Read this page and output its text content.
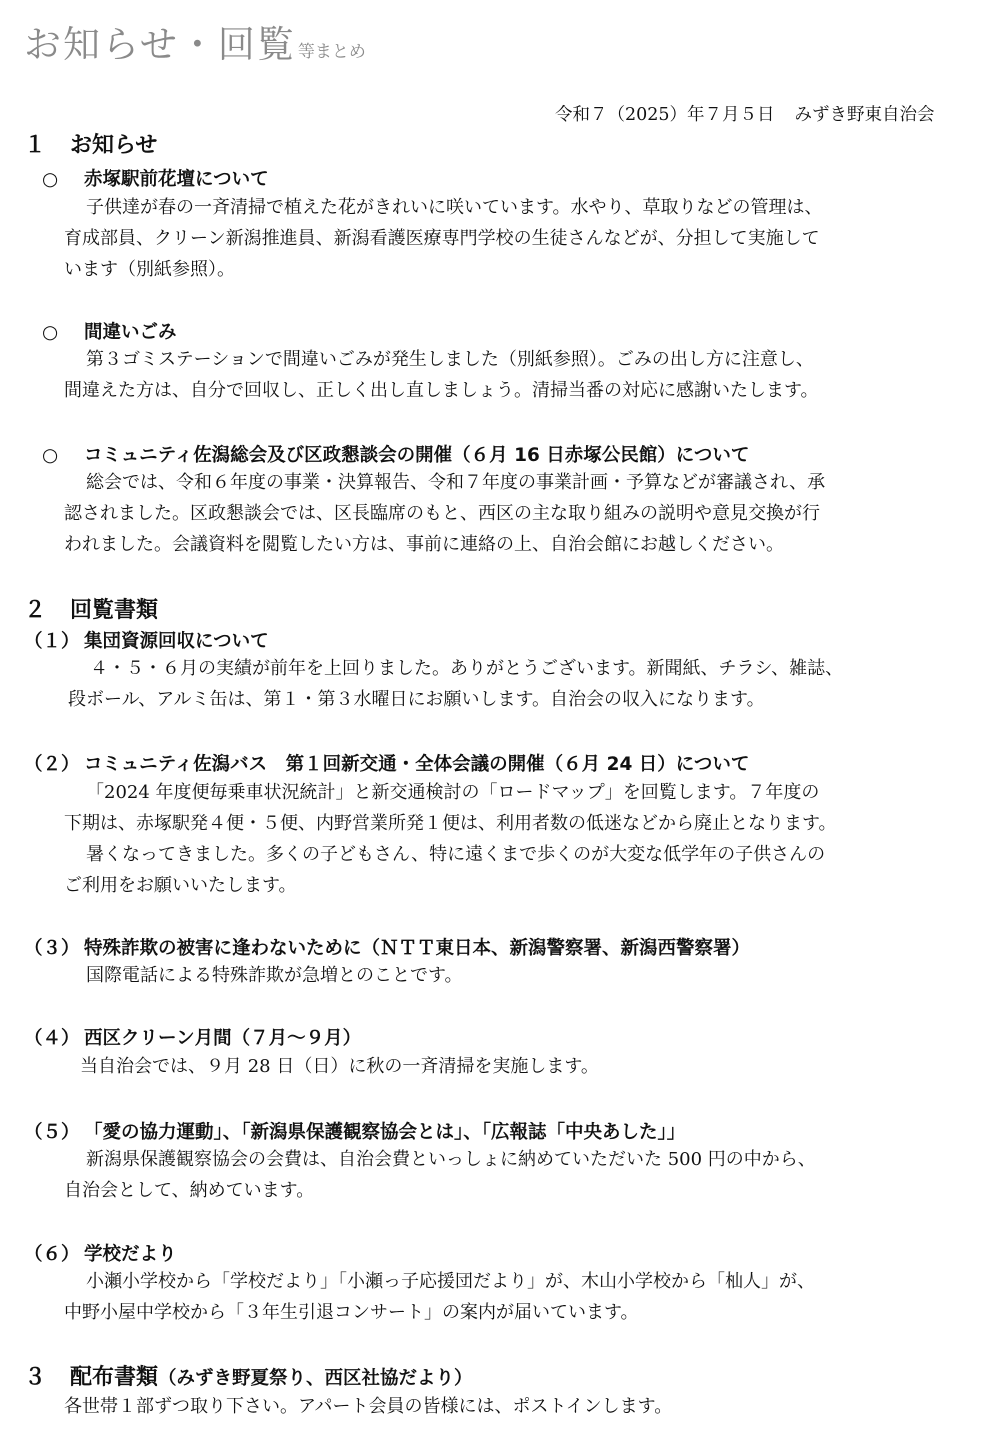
お知らせ・回覧 等まとめ
令和７（2025）年７月５日 みずき野東自治会
１ お知らせ
○ 赤塚駅前花壇について
子供達が春の一斉清掃で植えた花がきれいに咲いています。水やり、草取りなどの管理は、
育成部員、クリーン新潟推進員、新潟看護医療専門学校の生徒さんなどが、分担して実施して
います（別紙参照）。
○ 間違いごみ
第３ゴミステーションで間違いごみが発生しました（別紙参照）。ごみの出し方に注意し、
間違えた方は、自分で回収し、正しく出し直しましょう。清掃当番の対応に感謝いたします。
○ コミュニティ佐潟総会及び区政懇談会の開催（６月 16 日赤塚公民館）について
総会では、令和６年度の事業・決算報告、令和７年度の事業計画・予算などが審議され、承
認されました。区政懇談会では、区長臨席のもと、西区の主な取り組みの説明や意見交換が行
われました。会議資料を閲覧したい方は、事前に連絡の上、自治会館にお越しください。
２ 回覧書類
（１） 集団資源回収について
４・５・６月の実績が前年を上回りました。ありがとうございます。新聞紙、チラシ、雑誌、
段ボール、アルミ缶は、第１・第３水曜日にお願いします。自治会の収入になります。
（２） コミュニティ佐潟バス　第１回新交通・全体会議の開催（６月 24 日）について
「2024 年度便毎乗車状況統計」と新交通検討の「ロードマップ」を回覧します。７年度の
下期は、赤塚駅発４便・５便、内野営業所発１便は、利用者数の低迷などから廃止となります。
暑くなってきました。多くの子どもさん、特に遠くまで歩くのが大変な低学年の子供さんの
ご利用をお願いいたします。
（３） 特殊詐欺の被害に逢わないために（ＮＴＴ東日本、新潟警察署、新潟西警察署）
国際電話による特殊詐欺が急増とのことです。
（４） 西区クリーン月間（７月～９月）
当自治会では、９月 28 日（日）に秋の一斉清掃を実施します。
（５） 「愛の協力運動」、「新潟県保護観察協会とは」、「広報誌「中央あした」」
新潟県保護観察協会の会費は、自治会費といっしょに納めていただいた 500 円の中から、
自治会として、納めています。
（６） 学校だより
小瀬小学校から「学校だより」「小瀬っ子応援団だより」が、木山小学校から「杣人」が、
中野小屋中学校から「３年生引退コンサート」の案内が届いています。
３ 配布書類（みずき野夏祭り、西区社協だより）
各世帯１部ずつ取り下さい。アパート会員の皆様には、ポストインします。
